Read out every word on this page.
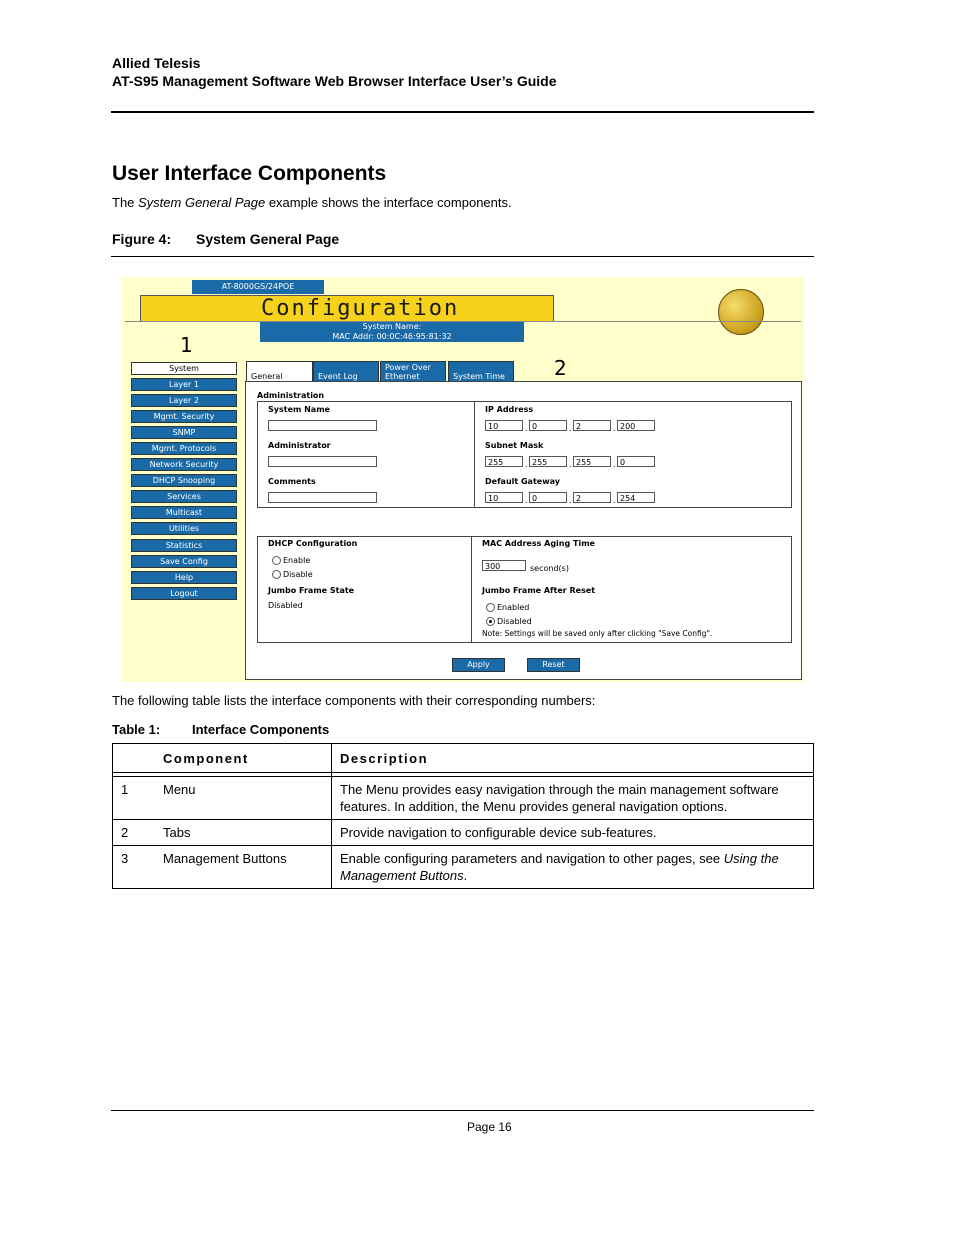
Allied Telesis
AT-S95 Management Software Web Browser Interface User’s Guide
User Interface Components
The System General Page example shows the interface components.
Figure 4: System General Page
AT-8000GS/24POE
Configuration
System Name:
MAC Addr: 00:0C:46:95:81:32
1
2
System
Layer 1
Layer 2
Mgmt. Security
SNMP
Mgmt. Protocols
Network Security
DHCP Snooping
Services
Multicast
Utilities
Statistics
Save Config
Help
Logout
General	Event Log
Power Over Ethernet	System Time
Administration
System Name
Administrator
Comments
IP Address
10	. 0	. 2	. 200
Subnet Mask
255	. 255	. 255	. 0
Default Gateway
10	. 0	. 2	. 254
DHCP Configuration
Enable
Disable
Jumbo Frame State
Disabled
MAC Address Aging Time
300	second(s)
Jumbo Frame After Reset
Enabled
Disabled
Note: Settings will be saved only after clicking "Save Config".
Apply	Reset
The following table lists the interface components with their corresponding numbers:
Table 1: Interface Components
	Component	Description

1	Menu	The Menu provides easy navigation through the main management software features. In addition, the Menu provides general navigation options.
2	Tabs	Provide navigation to configurable device sub-features.
3	Management Buttons	Enable configuring parameters and navigation to other pages, see Using the Management Buttons.
Page 16
